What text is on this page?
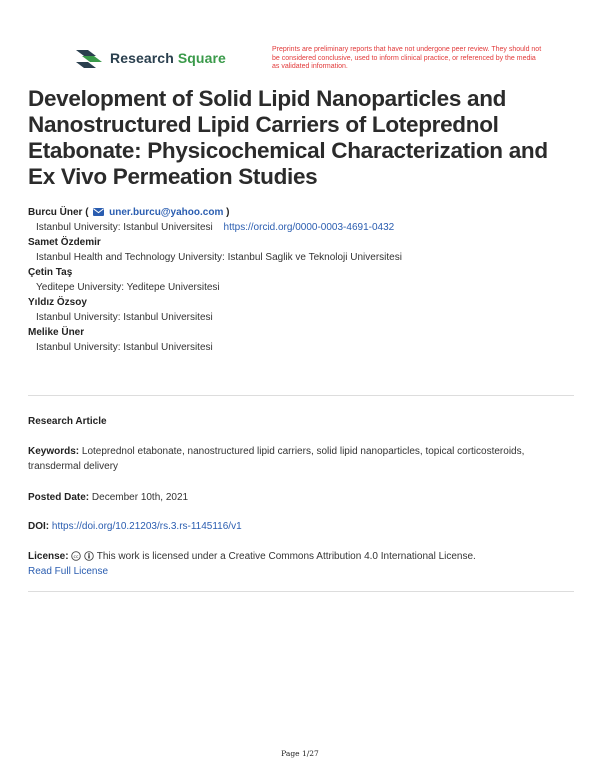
Research Square
Preprints are preliminary reports that have not undergone peer review. They should not be considered conclusive, used to inform clinical practice, or referenced by the media as validated information.
Development of Solid Lipid Nanoparticles and Nanostructured Lipid Carriers of Loteprednol Etabonate: Physicochemical Characterization and Ex Vivo Permeation Studies
Burcu Üner (  uner.burcu@yahoo.com )
Istanbul University: Istanbul Universitesi https://orcid.org/0000-0003-4691-0432
Samet Özdemir
Istanbul Health and Technology University: Istanbul Saglik ve Teknoloji Universitesi
Çetin Taş
Yeditepe University: Yeditepe Universitesi
Yıldız Özsoy
Istanbul University: Istanbul Universitesi
Melike Üner
Istanbul University: Istanbul Universitesi
Research Article
Keywords: Loteprednol etabonate, nanostructured lipid carriers, solid lipid nanoparticles, topical corticosteroids, transdermal delivery
Posted Date: December 10th, 2021
DOI: https://doi.org/10.21203/rs.3.rs-1145116/v1
License: cc This work is licensed under a Creative Commons Attribution 4.0 International License.
Read Full License
Page 1/27
